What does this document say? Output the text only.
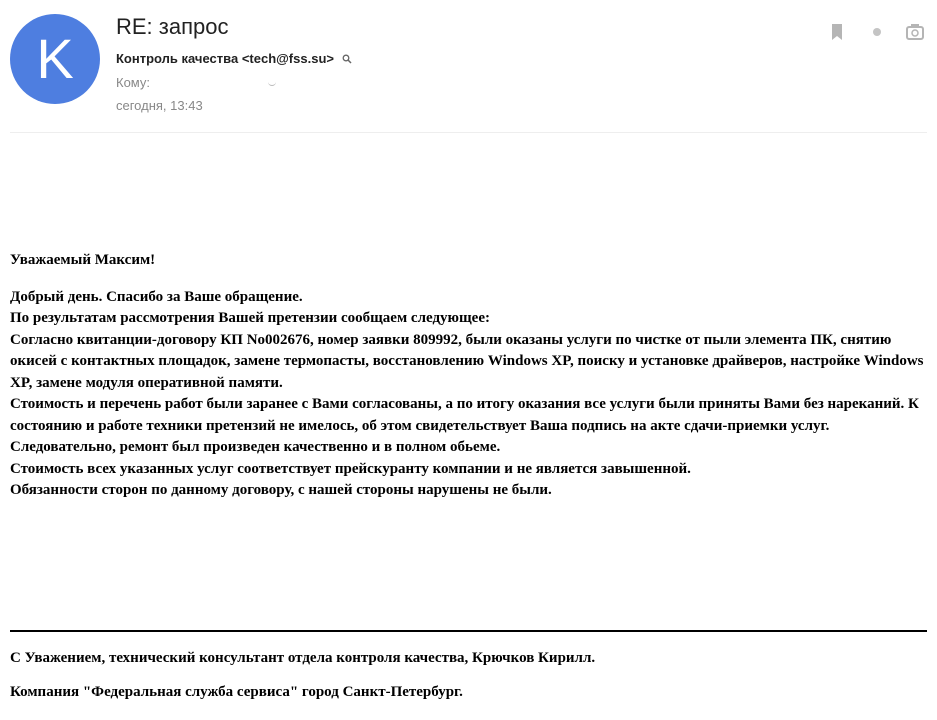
K
RE: запрос
Контроль качества <tech@fss.su>
Кому:
сегодня, 13:43

Уважаемый Максим!

Добрый день. Спасибо за Ваше обращение.

По результатам рассмотрения Вашей претензии сообщаем следующее:

Согласно квитанции-договору КП No002676, номер заявки 809992, были оказаны услуги по чистке от пыли элемента ПК, снятию окисей с контактных площадок, замене термопасты, восстановлению Windows XP, поиску и установке драйверов, настройке Windows XP, замене модуля оперативной памяти.

Стоимость и перечень работ были заранее с Вами согласованы, а по итогу оказания все услуги были приняты Вами без нареканий. К состоянию и работе техники претензий не имелось, об этом свидетельствует Ваша подпись на акте сдачи-приемки услуг. Следовательно, ремонт был произведен качественно и в полном обьеме.

Стоимость всех указанных услуг соответствует прейскуранту компании и не является завышенной.

Обязанности сторон по данному договору, с нашей стороны нарушены не были.

С Уважением, технический консультант отдела контроля качества, Крючков Кирилл.

Компания "Федеральная служба сервиса" город Санкт-Петербург.
